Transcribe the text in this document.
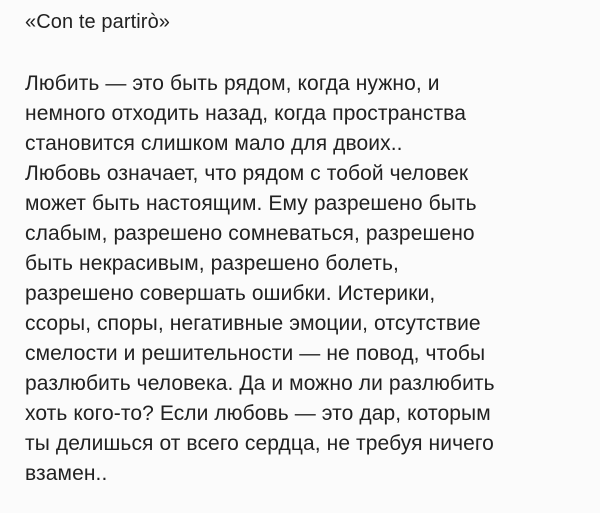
«Con te partirò»
Любить — это быть рядом, когда нужно, и
немного отходить назад, когда пространства
становится слишком мало для двоих..
Любовь означает, что рядом с тобой человек
может быть настоящим. Ему разрешено быть
слабым, разрешено сомневаться, разрешено
быть некрасивым, разрешено болеть,
разрешено совершать ошибки. Истерики,
ссоры, споры, негативные эмоции, отсутствие
смелости и решительности — не повод, чтобы
разлюбить человека. Да и можно ли разлюбить
хоть кого-то? Если любовь — это дар, которым
ты делишься от всего сердца, не требуя ничего
взамен..
